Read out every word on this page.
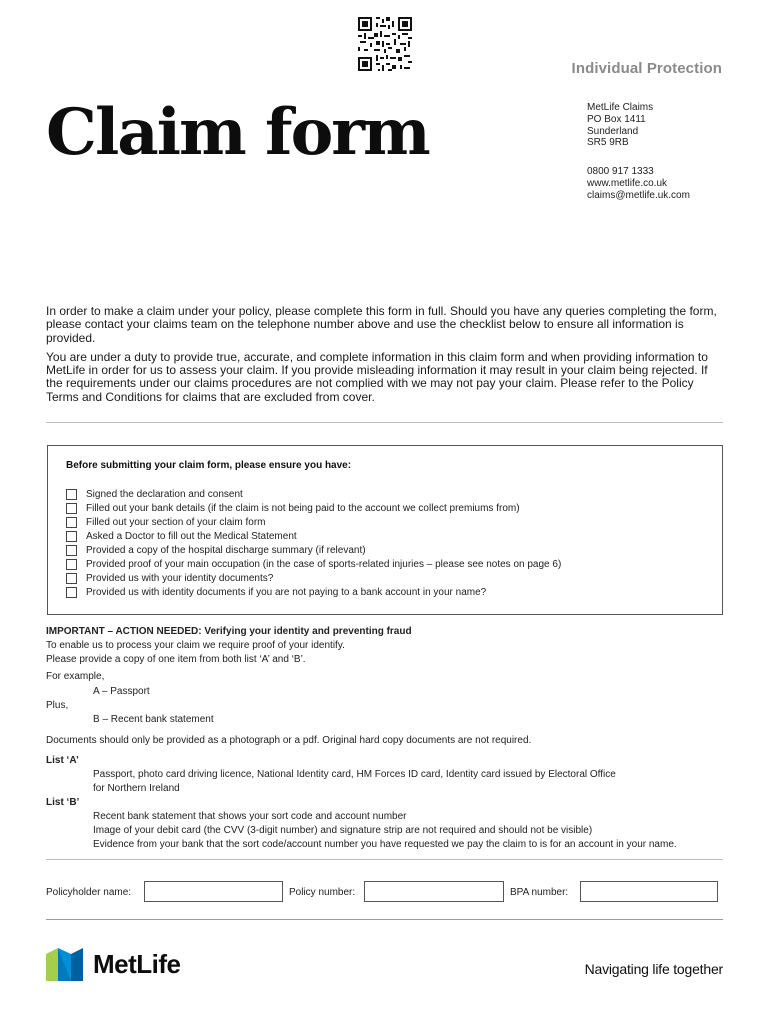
Individual Protection
Claim form	MetLife Claims
PO Box 1411
Sunderland
SR5 9RB
0800 917 1333
www.metlife.co.uk
claims@metlife.uk.com

In order to make a claim under your policy, please complete this form in full. Should you have any queries completing the form, please contact your claims team on the telephone number above and use the checklist below to ensure all information is provided.

You are under a duty to provide true, accurate, and complete information in this claim form and when providing information to MetLife in order for us to assess your claim. If you provide misleading information it may result in your claim being rejected. If the requirements under our claims procedures are not complied with we may not pay your claim. Please refer to the Policy Terms and Conditions for claims that are excluded from cover.

Before submitting your claim form, please ensure you have:
Signed the declaration and consent
Filled out your bank details (if the claim is not being paid to the account we collect premiums from)
Filled out your section of your claim form
Asked a Doctor to fill out the Medical Statement
Provided a copy of the hospital discharge summary (if relevant)
Provided proof of your main occupation (in the case of sports-related injuries – please see notes on page 6)
Provided us with your identity documents?
Provided us with identity documents if you are not paying to a bank account in your name?
IMPORTANT – ACTION NEEDED: Verifying your identity and preventing fraud
To enable us to process your claim we require proof of your identify.
Please provide a copy of one item from both list ‘A’ and ‘B’.
For example,
A – Passport
Plus,
B – Recent bank statement
Documents should only be provided as a photograph or a pdf. Original hard copy documents are not required.
List ‘A’
Passport, photo card driving licence, National Identity card, HM Forces ID card, Identity card issued by Electoral Office
for Northern Ireland
List ‘B’
Recent bank statement that shows your sort code and account number
Image of your debit card (the CVV (3-digit number) and signature strip are not required and should not be visible)
Evidence from your bank that the sort code/account number you have requested we pay the claim to is for an account in your name.
Policyholder name:	Policy number:	BPA number:
MetLife	Navigating life together
